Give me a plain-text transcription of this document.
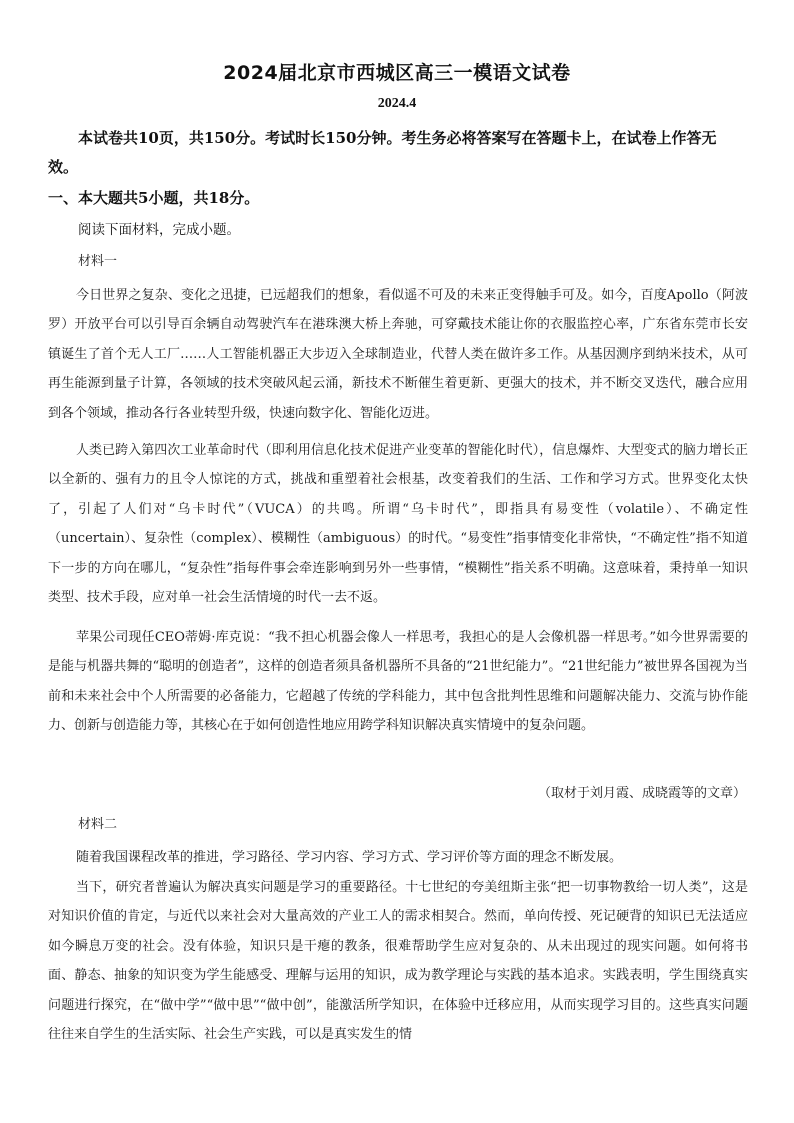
2024届北京市西城区高三一模语文试卷
2024.4
本试卷共10页，共150分。考试时长150分钟。考生务必将答案写在答题卡上，在试卷上作答无效。
一、本大题共5小题，共18分。
阅读下面材料，完成小题。
材料一
今日世界之复杂、变化之迅捷，已远超我们的想象，看似遥不可及的未来正变得触手可及。如今，百度Apollo（阿波罗）开放平台可以引导百余辆自动驾驶汽车在港珠澳大桥上奔驰，可穿戴技术能让你的衣服监控心率，广东省东莞市长安镇诞生了首个无人工厂……人工智能机器正大步迈入全球制造业，代替人类在做许多工作。从基因测序到纳米技术，从可再生能源到量子计算，各领域的技术突破风起云涌，新技术不断催生着更新、更强大的技术，并不断交叉迭代，融合应用到各个领域，推动各行各业转型升级，快速向数字化、智能化迈进。
人类已跨入第四次工业革命时代（即利用信息化技术促进产业变革的智能化时代），信息爆炸、大型变式的脑力增长正以全新的、强有力的且令人惊诧的方式，挑战和重塑着社会根基，改变着我们的生活、工作和学习方式。世界变化太快了，引起了人们对“乌卡时代”（VUCA）的共鸣。所谓“乌卡时代”，即指具有易变性（volatile）、不确定性（uncertain）、复杂性（complex）、模糊性（ambiguous）的时代。“易变性”指事情变化非常快，“不确定性”指不知道下一步的方向在哪儿，“复杂性”指每件事会牵连影响到另外一些事情，“模糊性”指关系不明确。这意味着，秉持单一知识类型、技术手段，应对单一社会生活情境的时代一去不返。
苹果公司现任CEO蒂姆·库克说：“我不担心机器会像人一样思考，我担心的是人会像机器一样思考。”如今世界需要的是能与机器共舞的“聪明的创造者”，这样的创造者须具备机器所不具备的“21世纪能力”。“21世纪能力”被世界各国视为当前和未来社会中个人所需要的必备能力，它超越了传统的学科能力，其中包含批判性思维和问题解决能力、交流与协作能力、创新与创造能力等，其核心在于如何创造性地应用跨学科知识解决真实情境中的复杂问题。
（取材于刘月霞、成晓霞等的文章）
材料二
随着我国课程改革的推进，学习路径、学习内容、学习方式、学习评价等方面的理念不断发展。
当下，研究者普遍认为解决真实问题是学习的重要路径。十七世纪的夸美纽斯主张“把一切事物教给一切人类”，这是对知识价值的肯定，与近代以来社会对大量高效的产业工人的需求相契合。然而，单向传授、死记硬背的知识已无法适应如今瞬息万变的社会。没有体验，知识只是干瘪的教条，很难帮助学生应对复杂的、从未出现过的现实问题。如何将书面、静态、抽象的知识变为学生能感受、理解与运用的知识，成为教学理论与实践的基本追求。实践表明，学生围绕真实问题进行探究，在“做中学”“做中思”“做中创”，能激活所学知识，在体验中迁移应用，从而实现学习目的。这些真实问题往往来自学生的生活实际、社会生产实践，可以是真实发生的情
